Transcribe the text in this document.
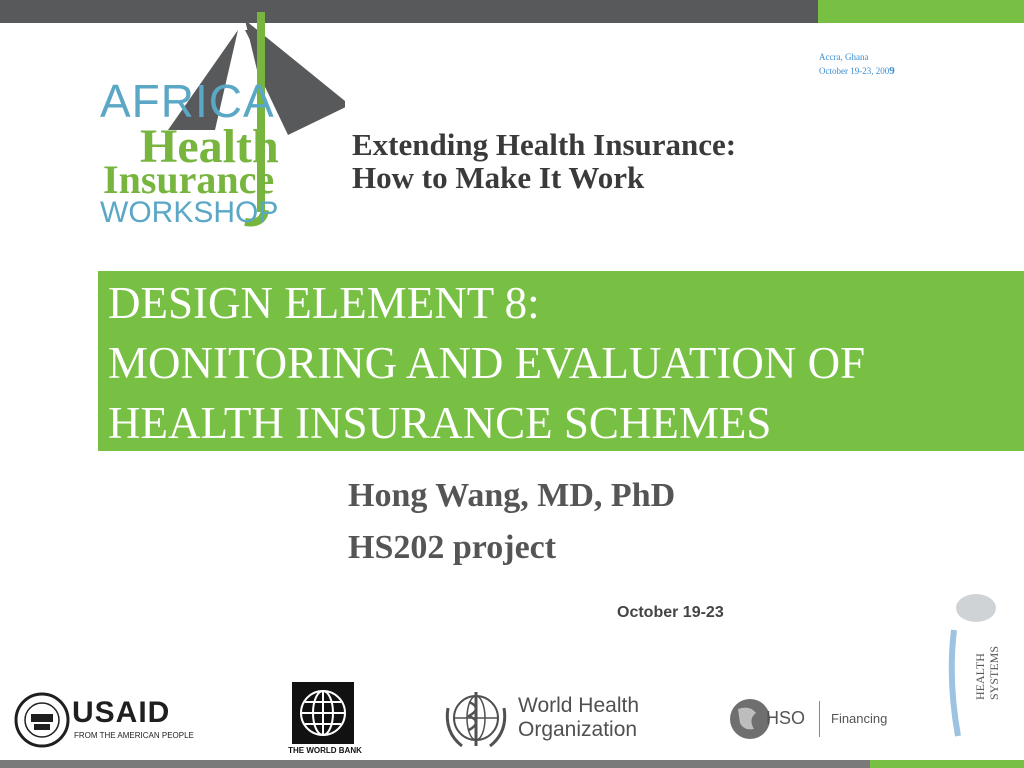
Accra, Ghana
October 19-23, 2009
AFRICA
Health
Insurance
WORKSHOP
Extending Health Insurance:
How to Make It Work
DESIGN ELEMENT 8:
MONITORING AND EVALUATION OF
HEALTH INSURANCE SCHEMES
Hong Wang, MD, PhD
HS202 project
October 19-23
HEALTH SYSTEMS
USAID
FROM THE AMERICAN PEOPLE
THE WORLD BANK
World Health
Organization	HSO Financing
